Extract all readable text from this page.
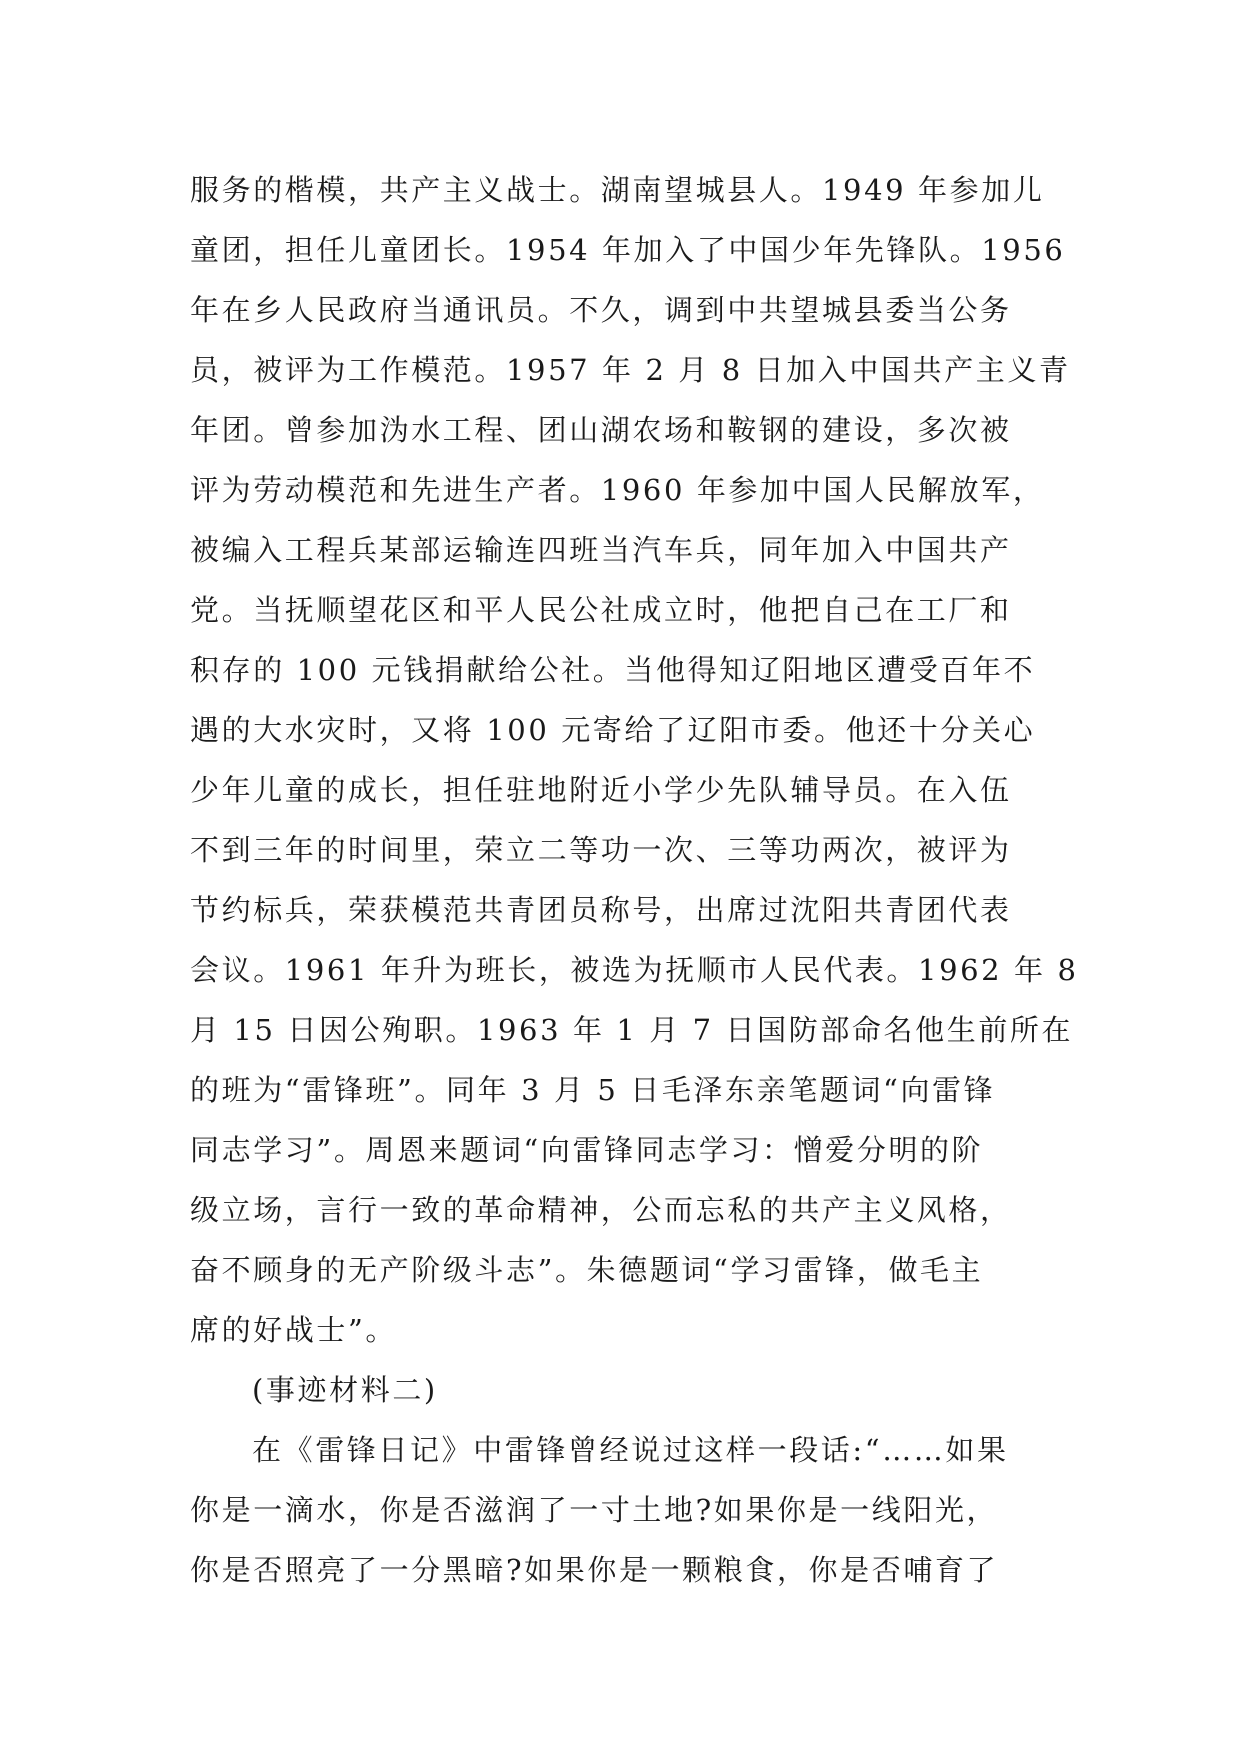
服务的楷模，共产主义战士。湖南望城县人。1949 年参加儿
童团，担任儿童团长。1954 年加入了中国少年先锋队。1956
年在乡人民政府当通讯员。不久，调到中共望城县委当公务
员，被评为工作模范。1957 年 2 月 8 日加入中国共产主义青
年团。曾参加沩水工程、团山湖农场和鞍钢的建设，多次被
评为劳动模范和先进生产者。1960 年参加中国人民解放军，
被编入工程兵某部运输连四班当汽车兵，同年加入中国共产
党。当抚顺望花区和平人民公社成立时，他把自己在工厂和
积存的 100 元钱捐献给公社。当他得知辽阳地区遭受百年不
遇的大水灾时，又将 100 元寄给了辽阳市委。他还十分关心
少年儿童的成长，担任驻地附近小学少先队辅导员。在入伍
不到三年的时间里，荣立二等功一次、三等功两次，被评为
节约标兵，荣获模范共青团员称号，出席过沈阳共青团代表
会议。1961 年升为班长，被选为抚顺市人民代表。1962 年 8
月 15 日因公殉职。1963 年 1 月 7 日国防部命名他生前所在
的班为“雷锋班”。同年 3 月 5 日毛泽东亲笔题词“向雷锋
同志学习”。周恩来题词“向雷锋同志学习：憎爱分明的阶
级立场，言行一致的革命精神，公而忘私的共产主义风格，
奋不顾身的无产阶级斗志”。朱德题词“学习雷锋，做毛主
席的好战士”。

(事迹材料二)

在《雷锋日记》中雷锋曾经说过这样一段话:“……如果
你是一滴水，你是否滋润了一寸土地?如果你是一线阳光，
你是否照亮了一分黑暗?如果你是一颗粮食，你是否哺育了
